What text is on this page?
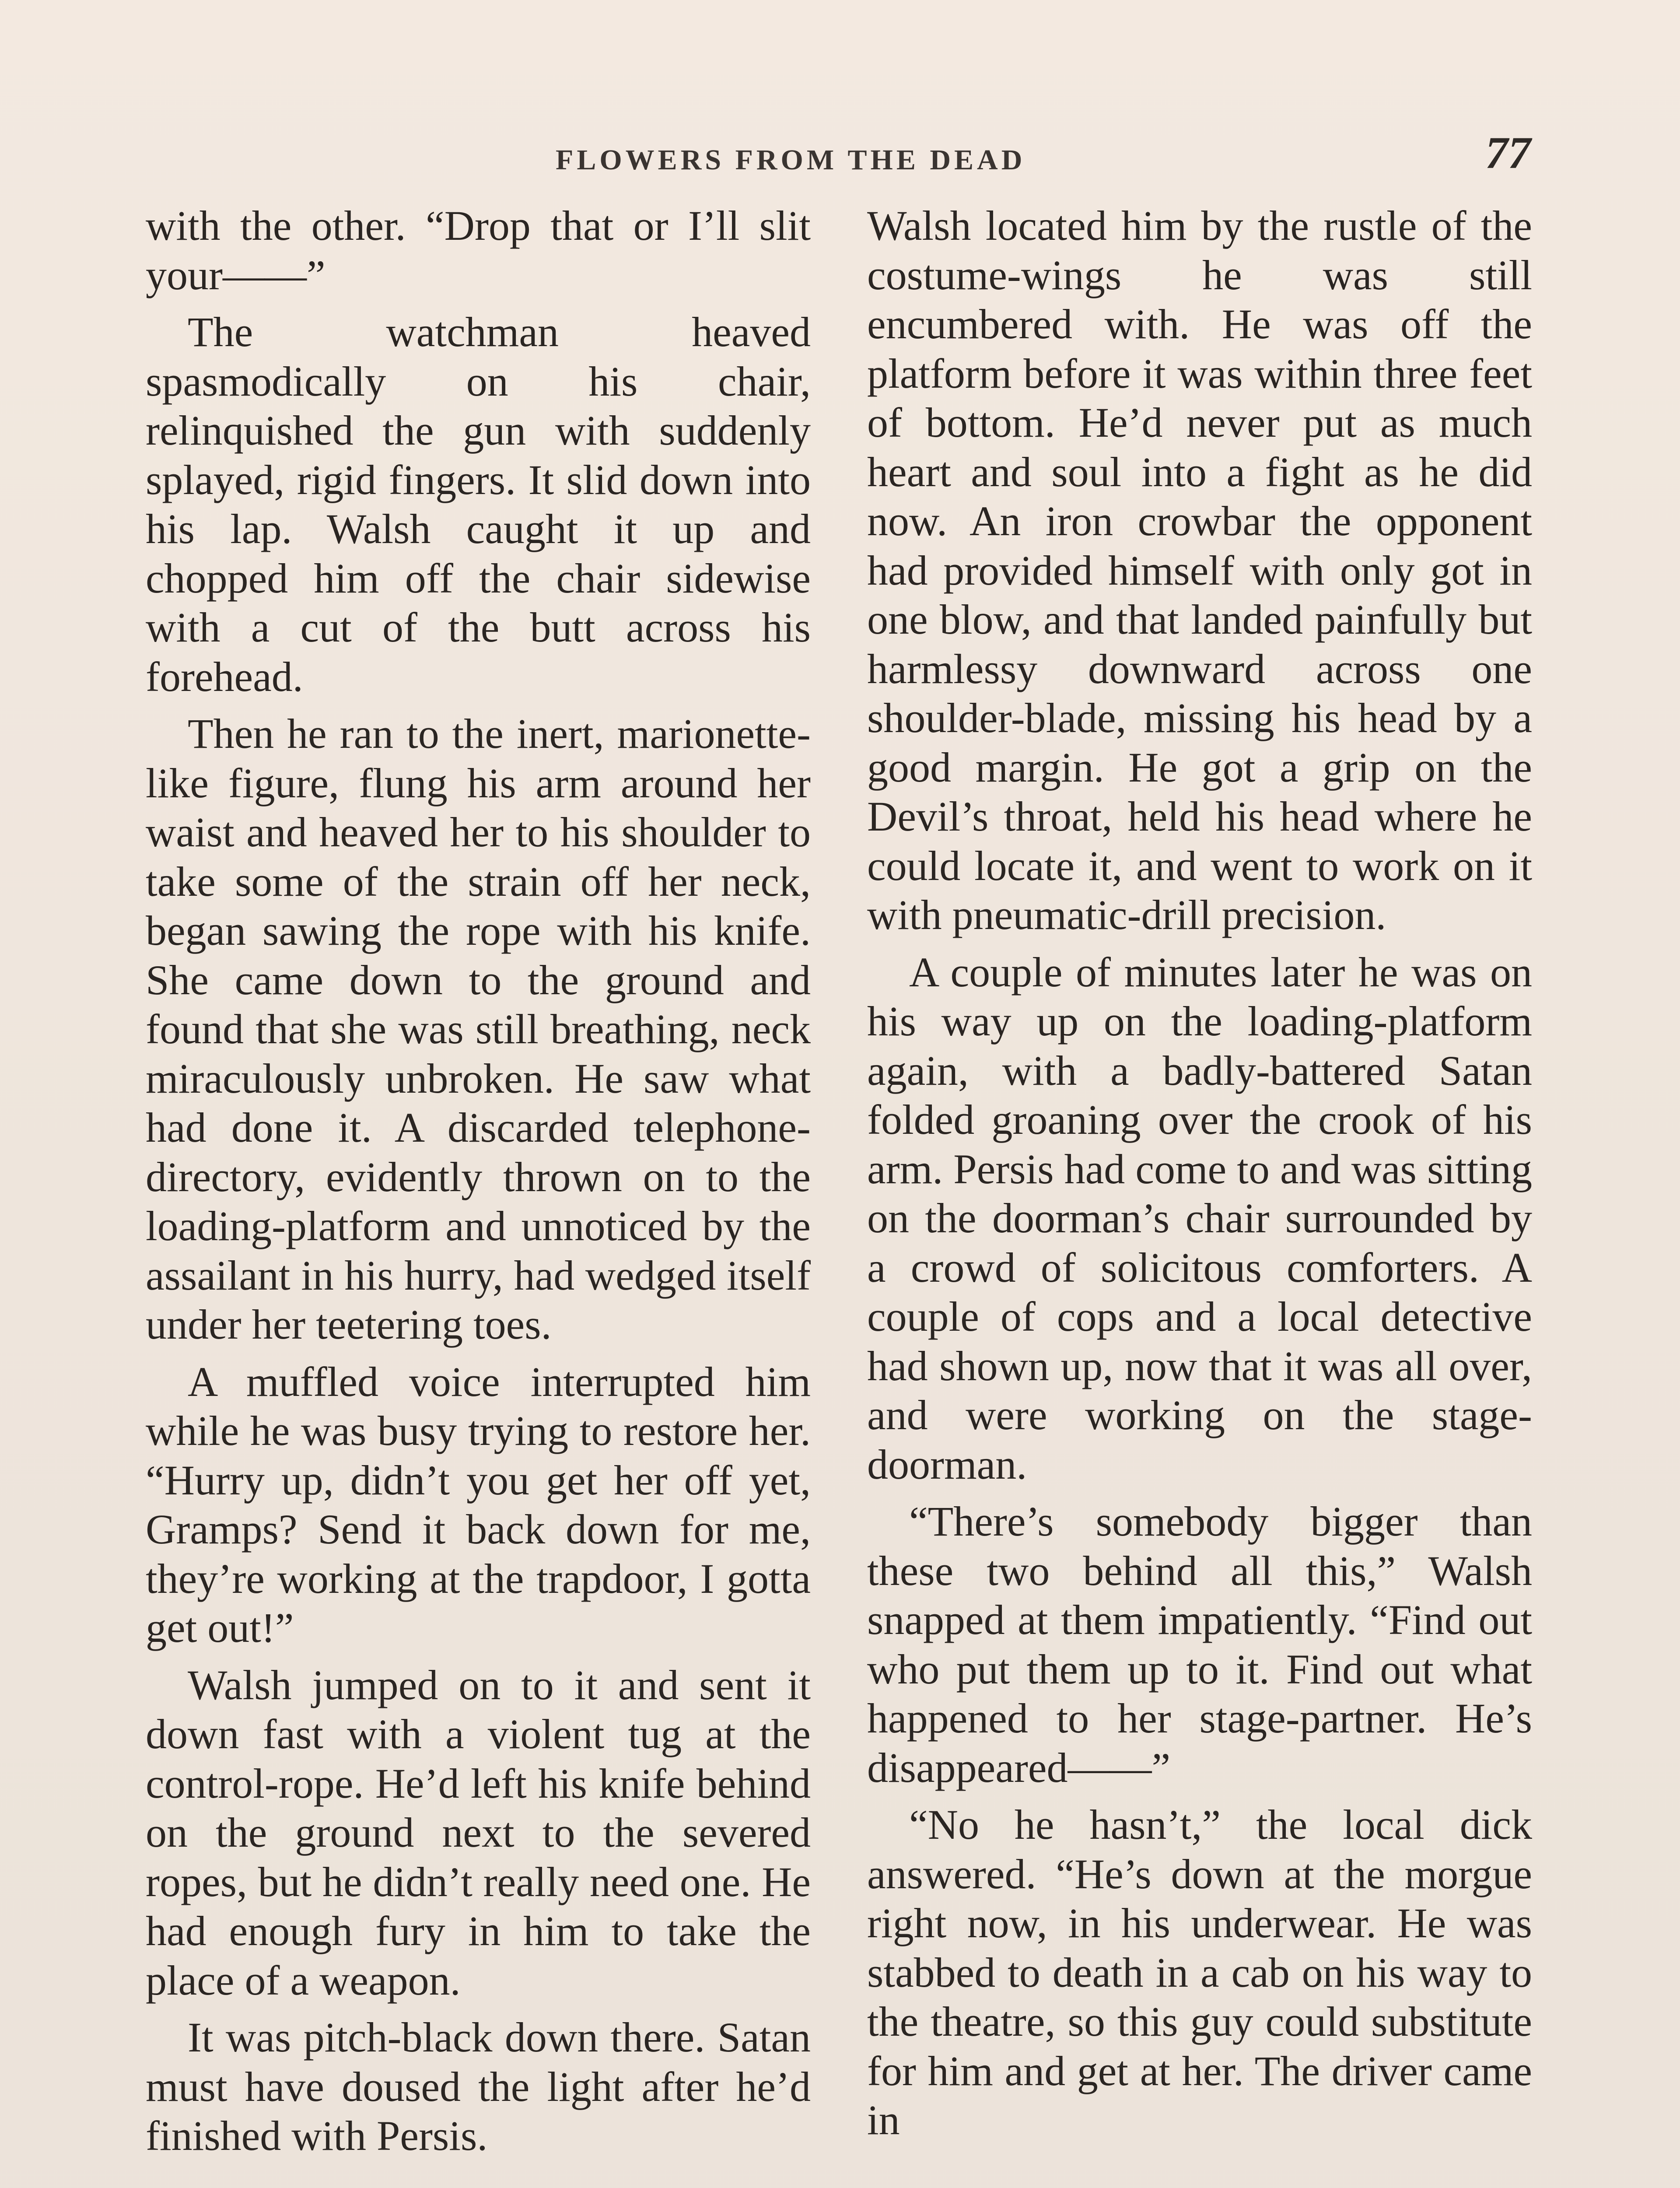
FLOWERS FROM THE DEAD	77

with the other. “Drop that or I’ll slit your——”

The watchman heaved spasmodically on his chair, relinquished the gun with suddenly splayed, rigid fingers. It slid down into his lap. Walsh caught it up and chopped him off the chair sidewise with a cut of the butt across his forehead.

Then he ran to the inert, marionette-like figure, flung his arm around her waist and heaved her to his shoulder to take some of the strain off her neck, began sawing the rope with his knife. She came down to the ground and found that she was still breathing, neck miraculously unbroken. He saw what had done it. A discarded telephone-directory, evidently thrown on to the loading-platform and unnoticed by the assailant in his hurry, had wedged itself under her teetering toes.

A muffled voice interrupted him while he was busy trying to restore her. “Hurry up, didn’t you get her off yet, Gramps? Send it back down for me, they’re working at the trapdoor, I gotta get out!”

Walsh jumped on to it and sent it down fast with a violent tug at the control-rope. He’d left his knife behind on the ground next to the severed ropes, but he didn’t really need one. He had enough fury in him to take the place of a weapon.

It was pitch-black down there. Satan must have doused the light after he’d finished with Persis.

Walsh located him by the rustle of the costume-wings he was still encumbered with. He was off the platform before it was within three feet of bottom. He’d never put as much heart and soul into a fight as he did now. An iron crowbar the opponent had provided himself with only got in one blow, and that landed painfully but harmlessy downward across one shoulder-blade, missing his head by a good margin. He got a grip on the Devil’s throat, held his head where he could locate it, and went to work on it with pneumatic-drill precision.

A couple of minutes later he was on his way up on the loading-platform again, with a badly-battered Satan folded groaning over the crook of his arm. Persis had come to and was sitting on the doorman’s chair surrounded by a crowd of solicitous comforters. A couple of cops and a local detective had shown up, now that it was all over, and were working on the stage-doorman.

“There’s somebody bigger than these two behind all this,” Walsh snapped at them impatiently. “Find out who put them up to it. Find out what happened to her stage-partner. He’s disappeared——”

“No he hasn’t,” the local dick answered. “He’s down at the morgue right now, in his underwear. He was stabbed to death in a cab on his way to the theatre, so this guy could substitute for him and get at her. The driver came in
